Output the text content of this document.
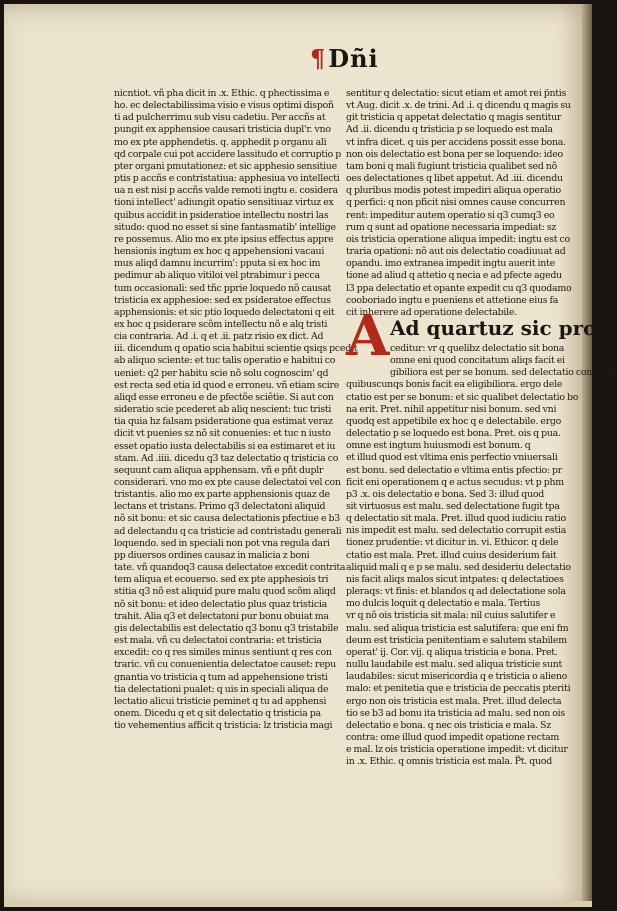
¶Dñi
nicntiot. vñ pha dicit in .x. Ethic. q phectissima e
ho. ec delectabilissima visio e visus optimi dispoñ
ti ad pulcherrimu sub visu cadetiu. Per accñs at
pungit ex apphensioe causari tristicia dupl'r. vno
mo ex pte apphendetis. q. apphedit p organu ali
qd corpale cui pot accidere lassitudo et corruptio p
pter organi pmutationez: et sic apphesio sensitiue
ptis p accñs e contristatiua: apphesiua vo intellecti
ua n est nisi p accñs valde remoti ingtu e. cosidera
tioni intellect' adiungit opatio sensitiuaz virtuz ex
quibus accidit in psideratioe intellectu nostri las
situdo: quod no esset si sine fantasmatib' intellige
re possemus. Alio mo ex pte ipsius effectus appre
hensionis ingtum ex hoc q appehensioni vacaui
mus aliqd damnu incurrim': pputa si ex hoc im
pedimur ab aliquo vitiloi vel ptrabimur i pecca
tum occasionali: sed tñc pprie loquedo nõ causat
tristicia ex apphesioe: sed ex psideratoe effectus
apphensionis: et sic ptio loquedo delectatoni q eit
ex hoc q psiderare scõm intellectu nõ e alq tristi
cia contraria. Ad .i. q et .ii. patz risio ex dict. Ad
iii. dicendum q opatio scia habitui scientie qsiqs pcedit
ab aliquo sciente: et tuc talis operatio e habitui co
ueniet: q2 per habitu scie nõ solu cognoscim' qd
est recta sed etia id quod e erroneu. vñ etiam scire
aliqd esse erroneu e de pfectõe sciêtie. Si aut con
sideratio scie pcederet ab aliq nescient: tuc tristi
tia quia hz falsam psideratione qua estimat veraz
dicit vt puenies sz nõ sit conuenies: et tuc n iusto
esset opatio iusta delectabilis si ea estimaret et iu
stam. Ad .iiii. dicedu q3 taz delectatio q tristicia co
sequunt cam aliqua apphensam. vñ e pñt duplr
considerari. vno mo ex pte cause delectatoi vel con
tristantis. alio mo ex parte apphensionis quaz de
lectans et tristans. Primo q3 delectatoni aliquid
nõ sit bonu: et sic causa delectationis pfectiue e b3
ad delectandu q ca tristicie ad contristadu generali
loquendo. sed in speciali non pot vna regula dari
pp diuersos ordines causaz in malicia z boni
tate. vñ quandoq3 causa delectatoe excedit contrita
tem aliqua et ecouerso. sed ex pte apphesiois tri
stitia q3 nõ est aliquid pure malu quod scõm aliqd
nõ sit bonu: et ideo delectatio plus quaz tristicia
trahit. Alia q3 et delectatoni pur bonu obuiat ma
gis delectabilis est delectatio q3 bonu q3 tristabile
est mala. vñ cu delectatoi contraria: et tristicia
excedit: co q res similes minus sentiunt q res con
traric. vñ cu conuenientia delectatoe causet: repu
gnantia vo tristicia q tum ad appehensione tristi
tia delectationi pualet: q uis in speciali aliqua de
lectatio alicui tristicie peminet q tu ad apphensi
onem. Dicedu q et q sit delectatio q tristicia pa
tio vehementius afficit q tristicia: lz tristicia magi
sentitur q delectatio: sicut etiam et amot rei p̃ntis
vt Aug. dicit .x. de trini. Ad .i. q dicendu q magis su
git tristicia q appetat delectatio q magis sentitur
Ad .ii. dicendu q tristicia p se loquedo est mala
vt infra dicet. q uis per accidens possit esse bona.
non ois delectatio est bona per se loquendo: ideo
tam boni q mali fugiunt tristicia qualibet sed nõ
oes delectationes q libet appetut. Ad .iii. dicendu
q pluribus modis potest impediri aliqua operatio
q perfici: q non pficit nisi omnes cause concurren
rent: impeditur autem operatio si q3 cumq3 eo
rum q sunt ad opatione necessaria impediat: sz
ois tristicia operatione aliqua impedit: ingtu est co
traria opationi: nõ aut ois delectatio coadiuuat ad
opandu. imo extranea impedit ingtu auerit inte
tione ad aliud q attetio q necia e ad pfecte agedu
l3 ppa delectatio et opante expedit cu q3 quodamo
cooboriado ingtu e pueniens et attetione eius fa
cit inherere ad operatione delectabile.
ceditur: vr q quelibz delectatio sit bona
omne eni quod concitatum aliqs facit ei
gibiliora est per se bonum. sed delectatio consueta
quibuscunqs bonis facit ea eligibiliora. ergo dele
ctatio est per se bonum: et sic qualibet delectatio bo
na erit. Pret. nihil appetitur nisi bonum. sed vni
quodq est appetibile ex hoc q e delectabile. ergo
delectatio p se loquedo est bona. Pret. ois q pua.
omne est ingtum huiusmodi est bonum. q
et illud quod est vltima enis perfectio vniuersali
est bonu. sed delectatio e vltima entis pfectio: pr
ficit eni operationem q e actus secudus: vt p phm
p3 .x. ois delectatio e bona. Sed 3: illud quod
sit virtuosus est malu. sed delectatione fugit tpa
q delectatio sit mala. Pret. illud quod iudiciu ratio
nis impedit est malu. sed delectatio corrupit estia
tionez prudentie: vt dicitur in. vi. Ethicor. q dele
ctatio est mala. Pret. illud cuius desiderium fait
aliquid mali q e p se malu. sed desideriu delectatio
nis facit aliqs malos sicut intpates: q delectatioes
pleraqs: vt finis: et blandos q ad delectatione sola
mo dulcis loquit q delectatio e mala. Tertius
vr q nõ ois tristicia sit mala: nil cuius salutifer e
malu. sed aliqua tristicia est salutifera: que eni fm
deum est tristicia penitentiam e salutem stabilem
operat' ij. Cor. vij. q aliqua tristicia e bona. Pret.
nullu laudabile est malu. sed aliqua tristicie sunt
laudabiles: sicut misericordia q e tristicia o alieno
malo: et penitetia que e tristicia de peccatis pteriti
ergo non ois tristicia est mala. Pret. illud delecta
tio se b3 ad bonu ita tristicia ad malu. sed non ois
delectatio e bona. q nec ois tristicia e mala. Sz
contra: ome illud quod impedit opatione rectam
e mal. lz ois tristicia operatione impedit: vt dicitur
in .x. Ethic. q omnis tristicia est mala. P̃t. quod
A Ad quartuz sic pro
